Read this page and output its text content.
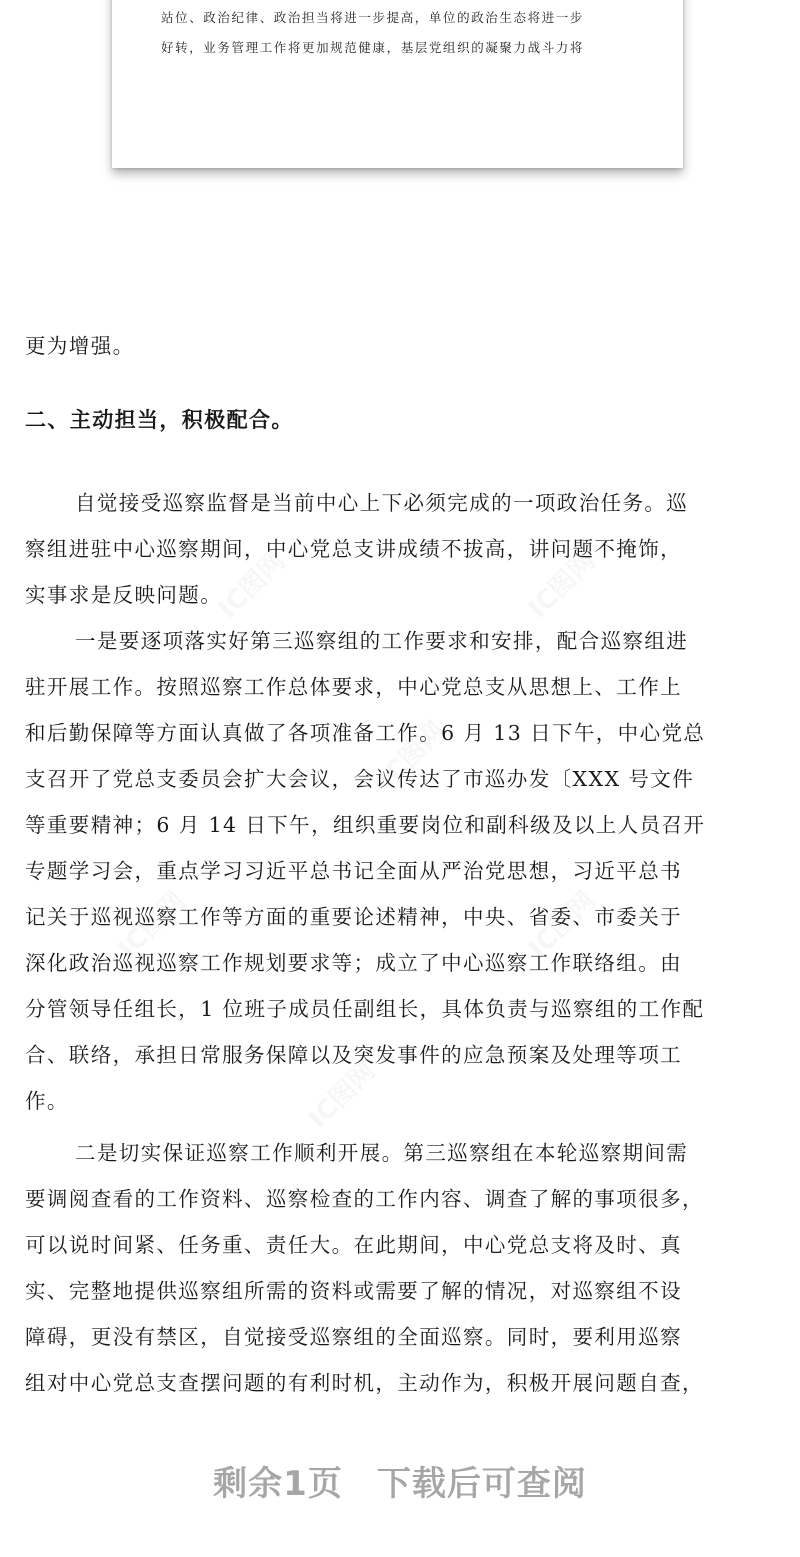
站位、政治纪律、政治担当将进一步提高，单位的政治生态将进一步
好转，业务管理工作将更加规范健康，基层党组织的凝聚力战斗力将
更为增强。
二、主动担当，积极配合。
自觉接受巡察监督是当前中心上下必须完成的一项政治任务。巡
察组进驻中心巡察期间，中心党总支讲成绩不拔高，讲问题不掩饰，
实事求是反映问题。
一是要逐项落实好第三巡察组的工作要求和安排，配合巡察组进
驻开展工作。按照巡察工作总体要求，中心党总支从思想上、工作上
和后勤保障等方面认真做了各项准备工作。6 月 13 日下午，中心党总
支召开了党总支委员会扩大会议，会议传达了市巡办发〔XXX 号文件
等重要精神；6 月 14 日下午，组织重要岗位和副科级及以上人员召开
专题学习会，重点学习习近平总书记全面从严治党思想，习近平总书
记关于巡视巡察工作等方面的重要论述精神，中央、省委、市委关于
深化政治巡视巡察工作规划要求等；成立了中心巡察工作联络组。由
分管领导任组长，1 位班子成员任副组长，具体负责与巡察组的工作配
合、联络，承担日常服务保障以及突发事件的应急预案及处理等项工
作。
二是切实保证巡察工作顺利开展。第三巡察组在本轮巡察期间需
要调阅查看的工作资料、巡察检查的工作内容、调查了解的事项很多，
可以说时间紧、任务重、责任大。在此期间，中心党总支将及时、真
实、完整地提供巡察组所需的资料或需要了解的情况，对巡察组不设
障碍，更没有禁区，自觉接受巡察组的全面巡察。同时，要利用巡察
组对中心党总支查摆问题的有利时机，主动作为，积极开展问题自查，
剩余1页 下载后可查阅
